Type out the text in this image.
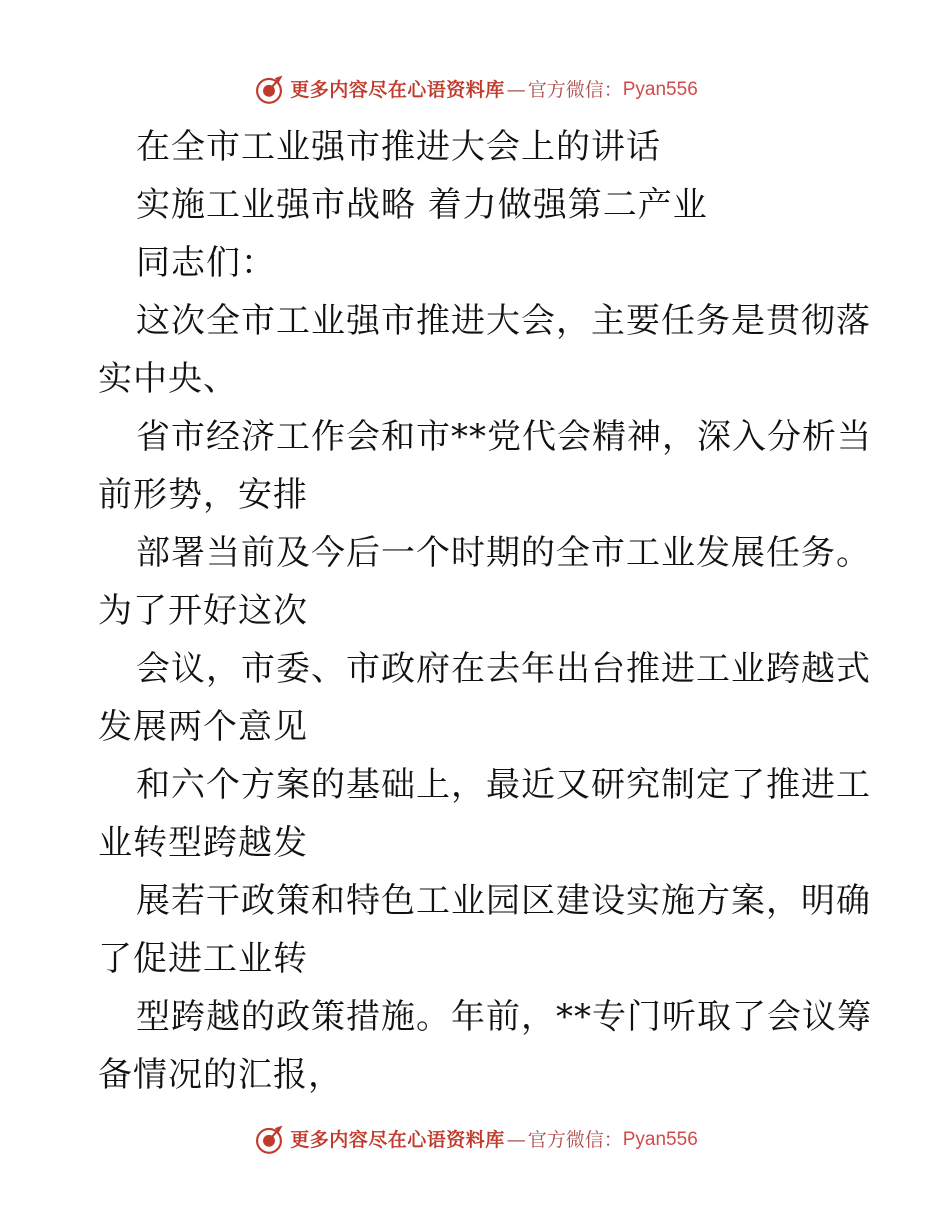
更多内容尽在心语资料库 — 官方微信： Pyan556
在全市工业强市推进大会上的讲话
实施工业强市战略 着力做强第二产业
同志们：
这次全市工业强市推进大会，主要任务是贯彻落
实中央、
省市经济工作会和市**党代会精神，深入分析当
前形势，安排
部署当前及今后一个时期的全市工业发展任务。
为了开好这次
会议，市委、市政府在去年出台推进工业跨越式
发展两个意见
和六个方案的基础上，最近又研究制定了推进工
业转型跨越发
展若干政策和特色工业园区建设实施方案，明确
了促进工业转
型跨越的政策措施。年前，**专门听取了会议筹
备情况的汇报，
更多内容尽在心语资料库 — 官方微信： Pyan556
